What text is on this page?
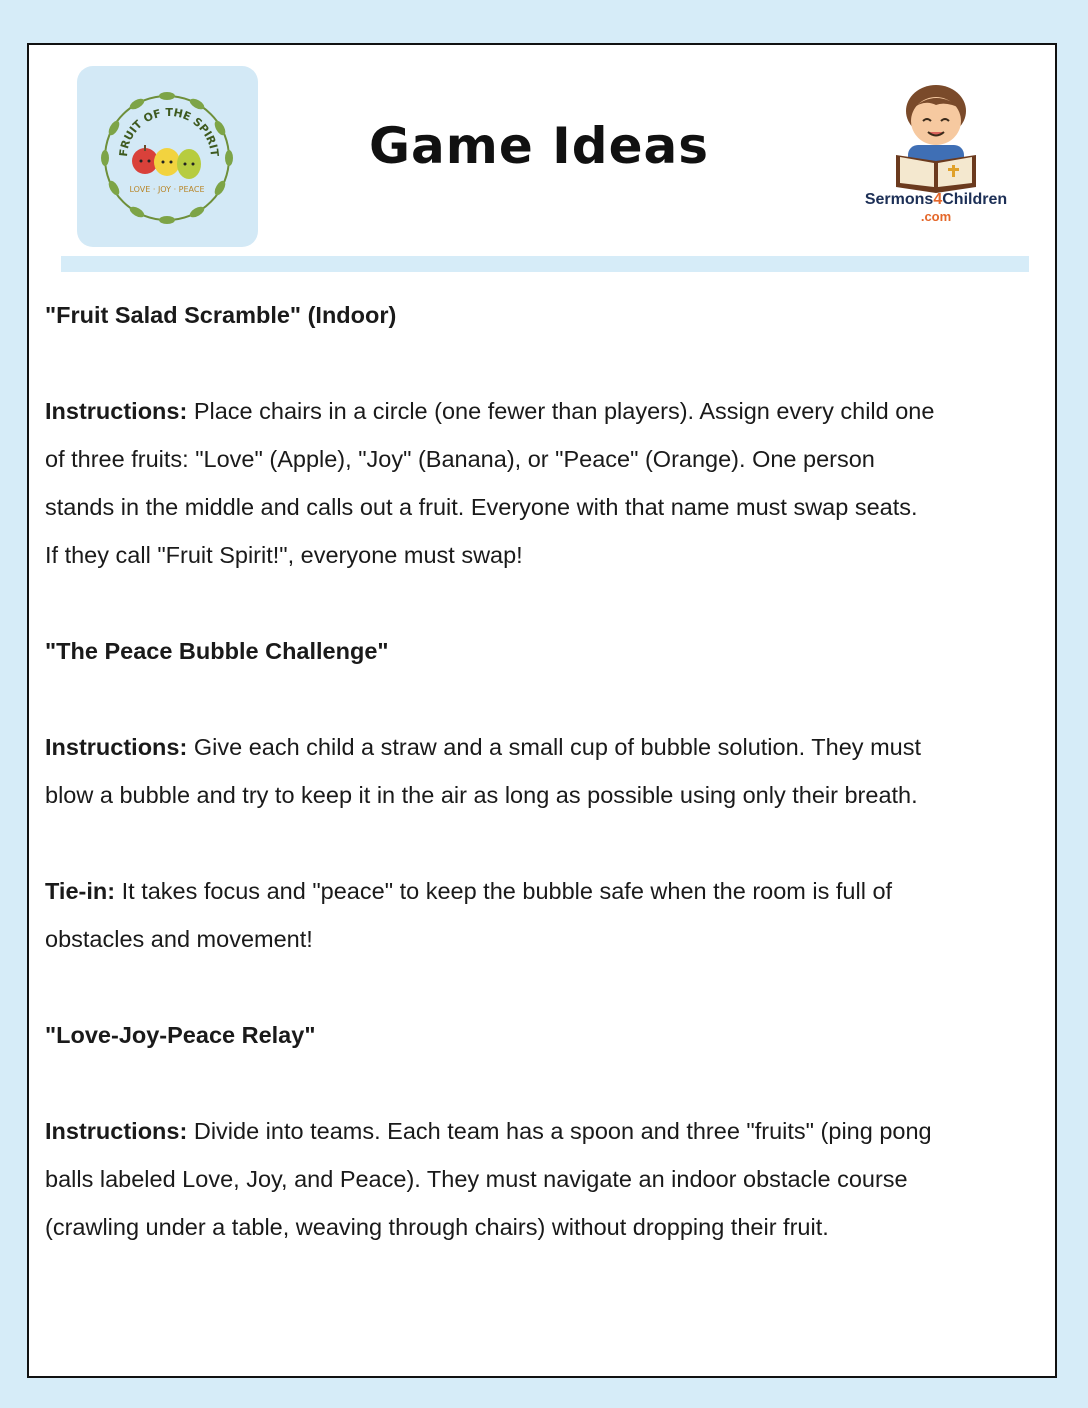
FRUIT OF THE SPIRIT
LOVE · JOY · PEACE
Game Ideas
Sermons4Children
.com
"Fruit Salad Scramble" (Indoor)
Instructions: Place chairs in a circle (one fewer than players). Assign every child one
of three fruits: "Love" (Apple), "Joy" (Banana), or "Peace" (Orange). One person
stands in the middle and calls out a fruit. Everyone with that name must swap seats.
If they call "Fruit Spirit!", everyone must swap!
"The Peace Bubble Challenge"
Instructions: Give each child a straw and a small cup of bubble solution. They must
blow a bubble and try to keep it in the air as long as possible using only their breath.
Tie-in: It takes focus and "peace" to keep the bubble safe when the room is full of
obstacles and movement!
"Love-Joy-Peace Relay"
Instructions: Divide into teams. Each team has a spoon and three "fruits" (ping pong
balls labeled Love, Joy, and Peace). They must navigate an indoor obstacle course
(crawling under a table, weaving through chairs) without dropping their fruit.
